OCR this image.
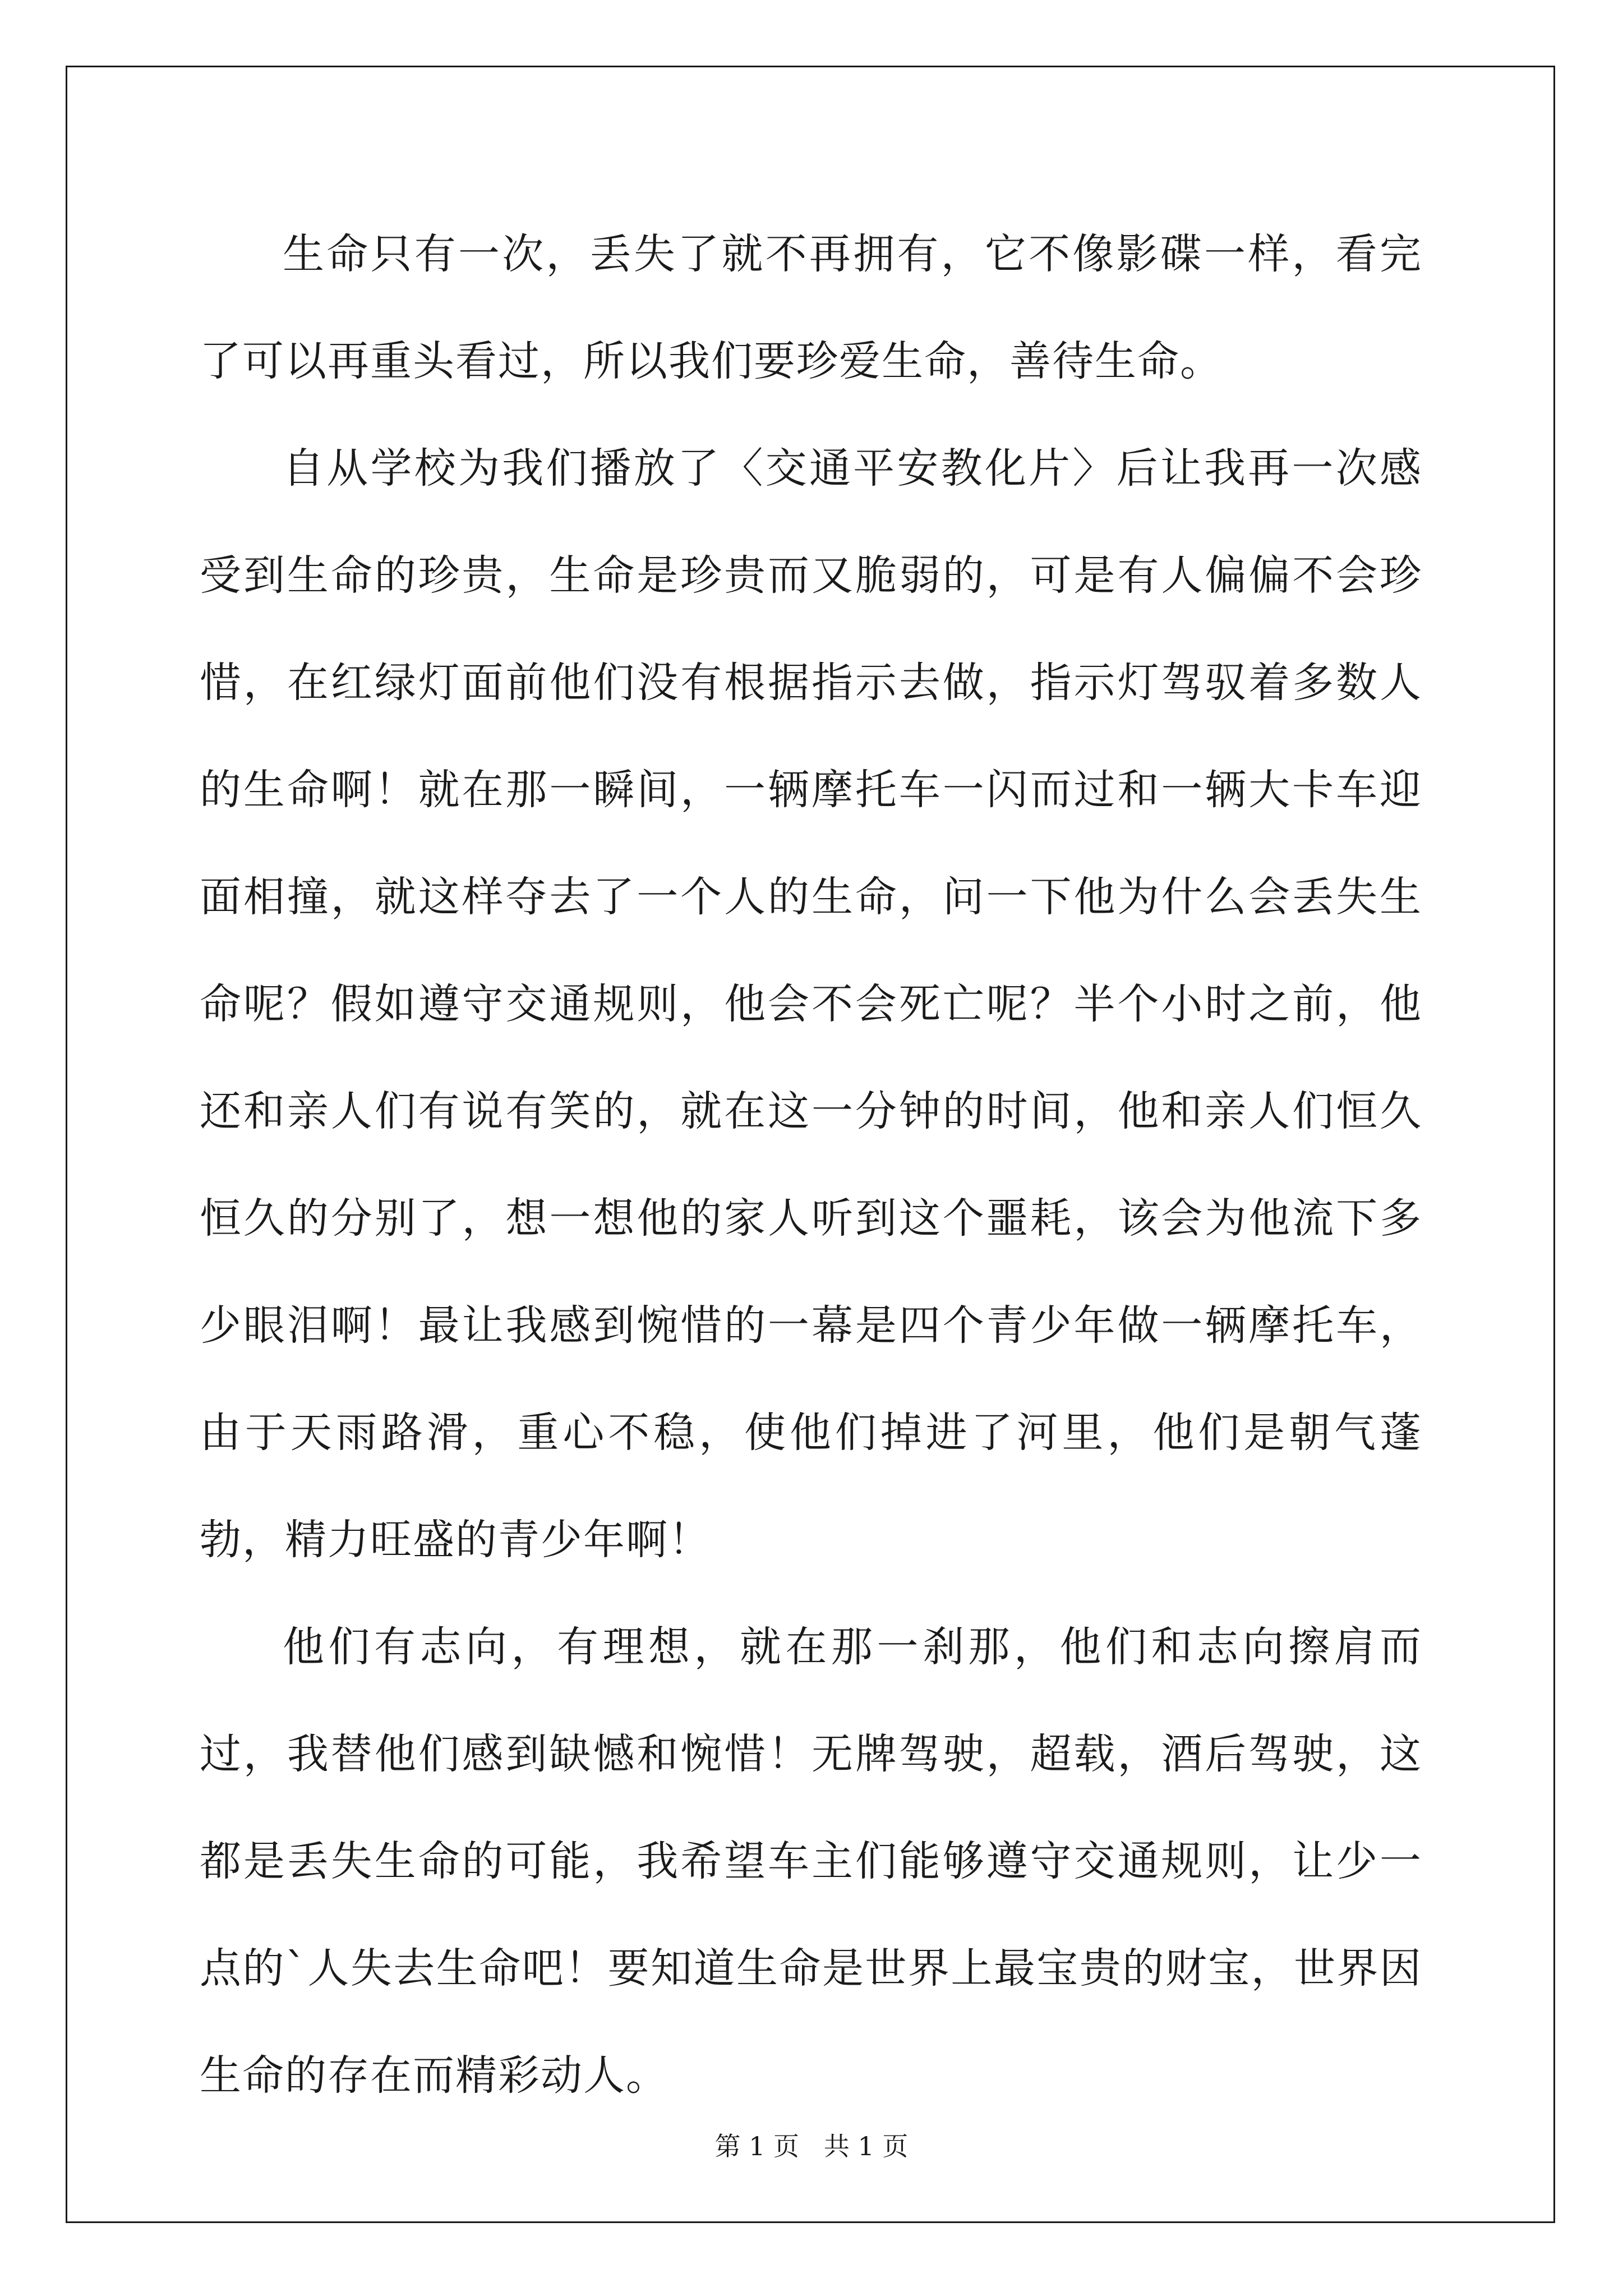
生命只有一次，丢失了就不再拥有，它不像影碟一样，看完了可以再重头看过，所以我们要珍爱生命，善待生命。

自从学校为我们播放了〈交通平安教化片〉后让我再一次感受到生命的珍贵，生命是珍贵而又脆弱的，可是有人偏偏不会珍惜，在红绿灯面前他们没有根据指示去做，指示灯驾驭着多数人的生命啊！就在那一瞬间，一辆摩托车一闪而过和一辆大卡车迎面相撞，就这样夺去了一个人的生命，问一下他为什么会丢失生命呢？假如遵守交通规则，他会不会死亡呢？半个小时之前，他还和亲人们有说有笑的，就在这一分钟的时间，他和亲人们恒久恒久的分别了，想一想他的家人听到这个噩耗，该会为他流下多少眼泪啊！最让我感到惋惜的一幕是四个青少年做一辆摩托车，由于天雨路滑，重心不稳，使他们掉进了河里，他们是朝气蓬勃，精力旺盛的青少年啊！

他们有志向，有理想，就在那一刹那，他们和志向擦肩而过，我替他们感到缺憾和惋惜！无牌驾驶，超载，酒后驾驶，这都是丢失生命的可能，我希望车主们能够遵守交通规则，让少一点的`人失去生命吧！要知道生命是世界上最宝贵的财宝，世界因生命的存在而精彩动人。

第 1 页   共 1 页
